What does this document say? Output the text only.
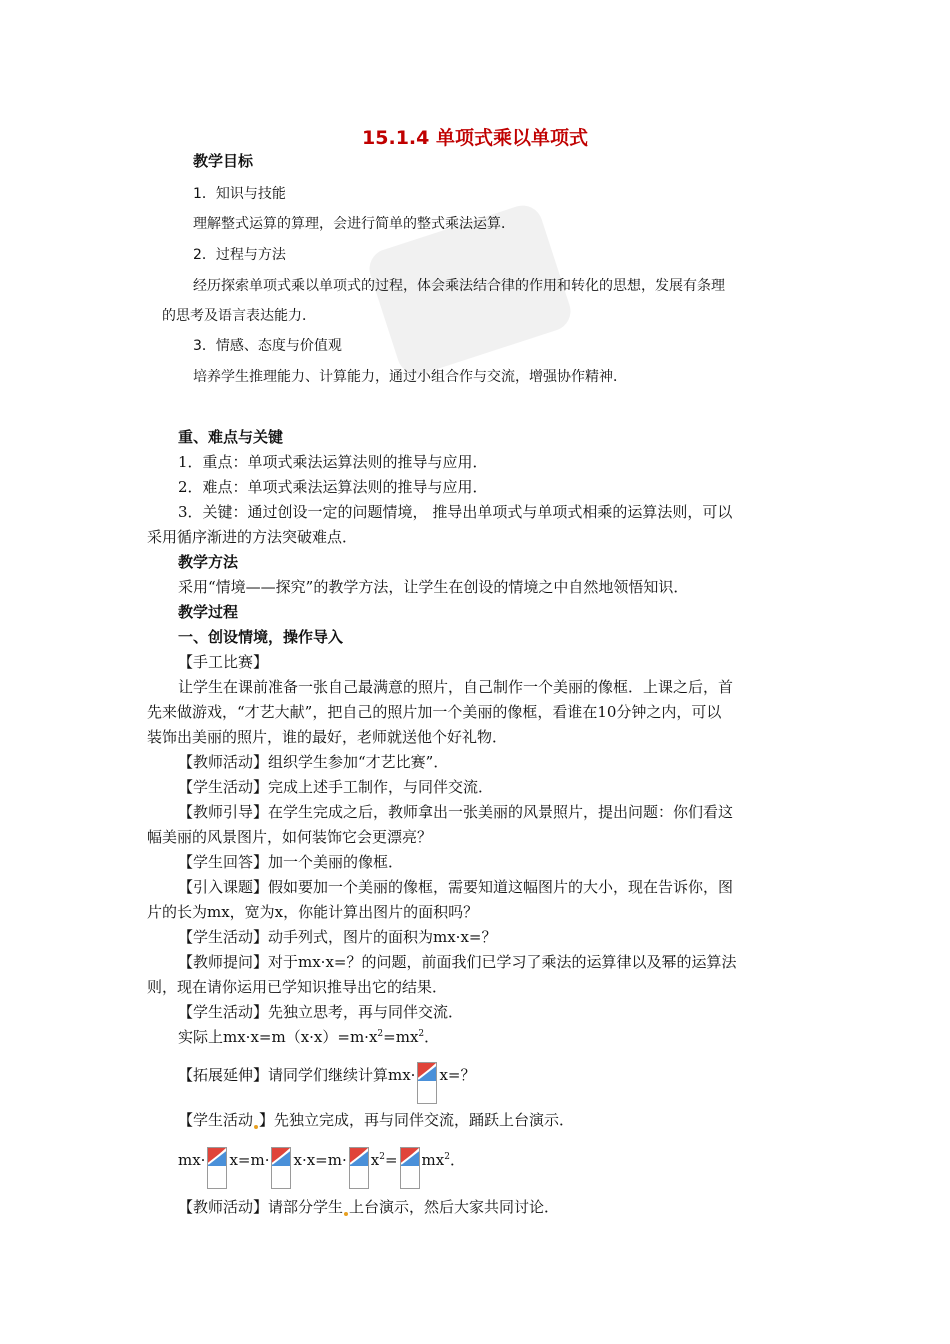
15.1.4 单项式乘以单项式
教学目标
1．知识与技能
理解整式运算的算理，会进行简单的整式乘法运算．
2．过程与方法
经历探索单项式乘以单项式的过程，体会乘法结合律的作用和转化的思想，发展有条理
的思考及语言表达能力．
3．情感、态度与价值观
培养学生推理能力、计算能力，通过小组合作与交流，增强协作精神．
重、难点与关键
1．重点：单项式乘法运算法则的推导与应用．
2．难点：单项式乘法运算法则的推导与应用．
3．关键：通过创设一定的问题情境， 推导出单项式与单项式相乘的运算法则，可以
采用循序渐进的方法突破难点．
教学方法
采用“情境——探究”的教学方法，让学生在创设的情境之中自然地领悟知识．
教学过程
一、创设情境，操作导入
【手工比赛】
让学生在课前准备一张自己最满意的照片，自己制作一个美丽的像框．上课之后，首
先来做游戏，“才艺大献”，把自己的照片加一个美丽的像框，看谁在10分钟之内，可以
装饰出美丽的照片，谁的最好，老师就送他个好礼物．
【教师活动】组织学生参加“才艺比赛”．
【学生活动】完成上述手工制作，与同伴交流．
【教师引导】在学生完成之后，教师拿出一张美丽的风景照片，提出问题：你们看这
幅美丽的风景图片，如何装饰它会更漂亮？
【学生回答】加一个美丽的像框．
【引入课题】假如要加一个美丽的像框，需要知道这幅图片的大小，现在告诉你，图
片的长为mx，宽为x，你能计算出图片的面积吗？
【学生活动】动手列式，图片的面积为mx·x=？
【教师提问】对于mx·x=？的问题，前面我们已学习了乘法的运算律以及幂的运算法
则，现在请你运用已学知识推导出它的结果．
【学生活动】先独立思考，再与同伴交流．
实际上$mx\cdot x=m(x\cdot x)=m\cdot x^2=mx^2$．
【拓展延伸】请同学们继续计算mx· x=？
【学生活动 】先独立完成，再与同伴交流，踊跃上台演示．
$mx\cdot x=m\cdot x\cdot x=m\cdot x^2= mx^2$．
【教师活动】请部分学生 上台演示，然后大家共同讨论．
